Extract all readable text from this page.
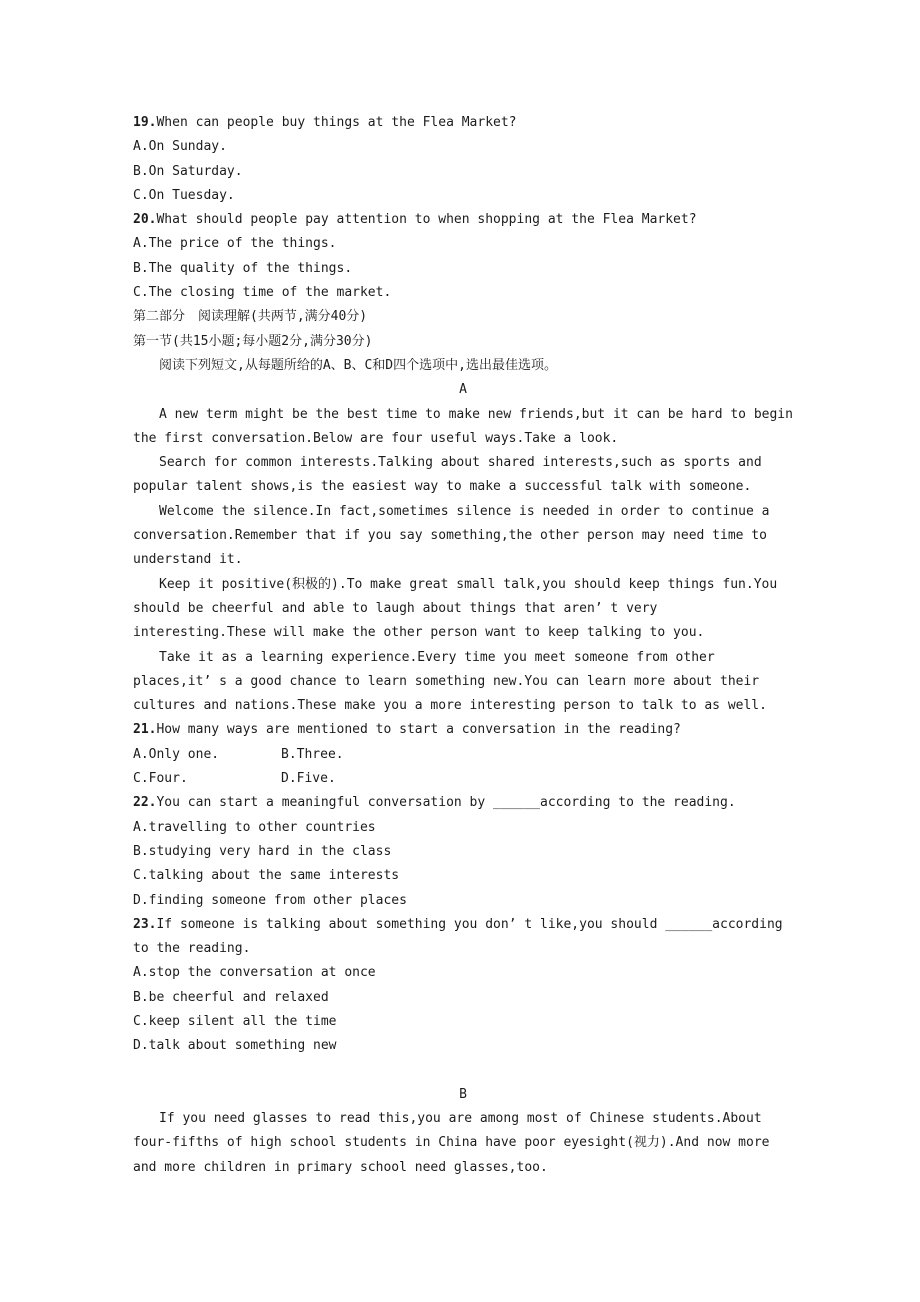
19.When can people buy things at the Flea Market?
A.On Sunday.
B.On Saturday.
C.On Tuesday.
20.What should people pay attention to when shopping at the Flea Market?
A.The price of the things.
B.The quality of the things.
C.The closing time of the market.
第二部分　阅读理解(共两节,满分40分)
第一节(共15小题;每小题2分,满分30分)
阅读下列短文,从每题所给的A、B、C和D四个选项中,选出最佳选项。
A
A new term might be the best time to make new friends,but it can be hard to begin the first conversation.Below are four useful ways.Take a look.
Search for common interests.Talking about shared interests,such as sports and popular talent shows,is the easiest way to make a successful talk with someone.
Welcome the silence.In fact,sometimes silence is needed in order to continue a conversation.Remember that if you say something,the other person may need time to understand it.
Keep it positive(积极的).To make great small talk,you should keep things fun.You should be cheerful and able to laugh about things that aren’ t very interesting.These will make the other person want to keep talking to you.
Take it as a learning experience.Every time you meet someone from other places,it’ s a good chance to learn something new.You can learn more about their cultures and nations.These make you a more interesting person to talk to as well.
21.How many ways are mentioned to start a conversation in the reading?
A.Only one.	B.Three.
C.Four.	D.Five.
22.You can start a meaningful conversation by ______according to the reading.
A.travelling to other countries
B.studying very hard in the class
C.talking about the same interests
D.finding someone from other places
23.If someone is talking about something you don’ t like,you should ______according to the reading.
A.stop the conversation at once
B.be cheerful and relaxed
C.keep silent all the time
D.talk about something new
B
If you need glasses to read this,you are among most of Chinese students.About four-fifths of high school students in China have poor eyesight(视力).And now more and more children in primary school need glasses,too.
